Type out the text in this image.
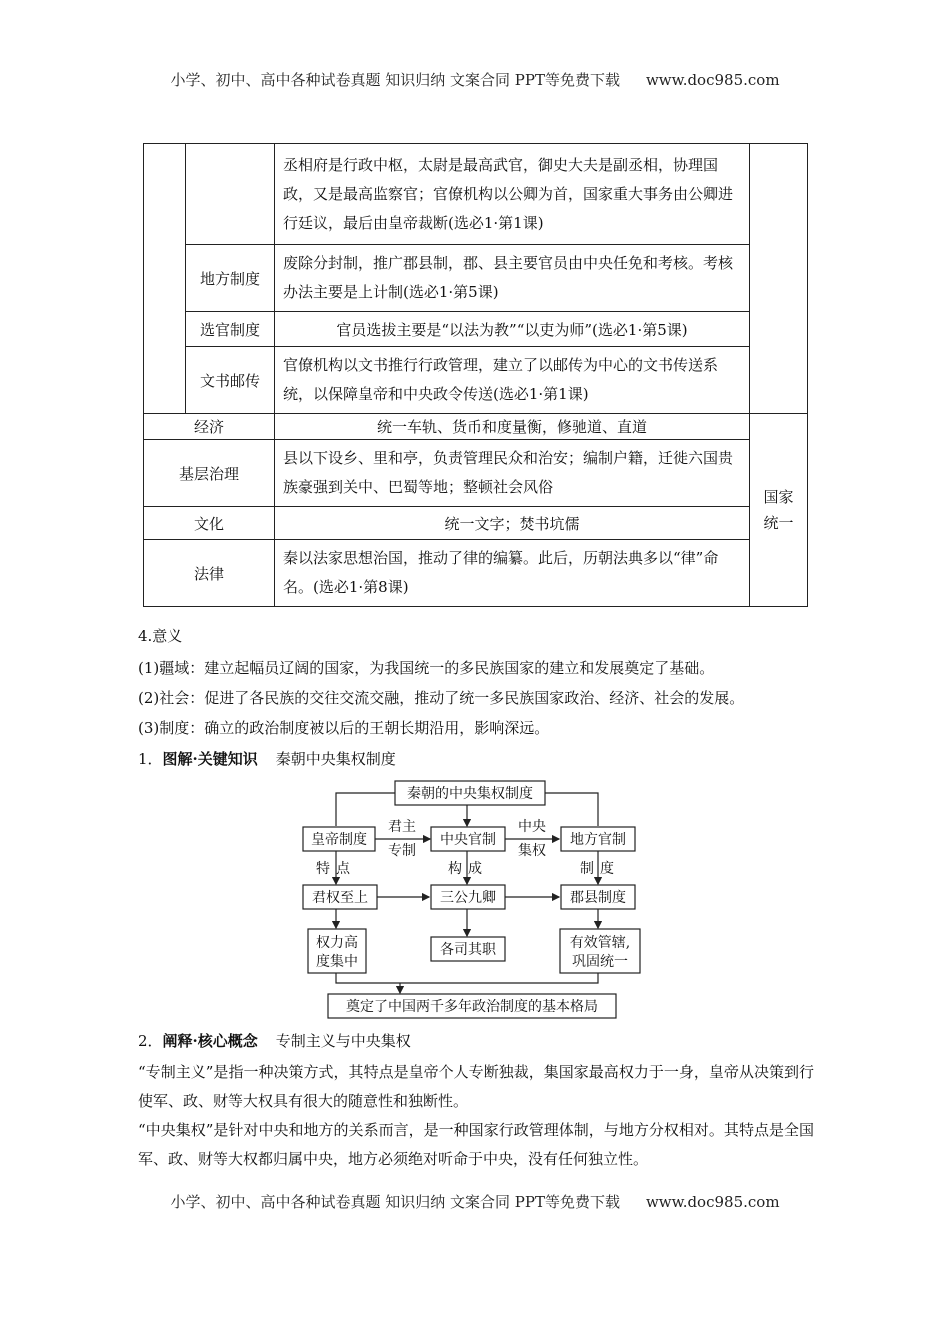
小学、初中、高中各种试卷真题 知识归纳 文案合同 PPT等免费下载 www.doc985.com
		丞相府是行政中枢，太尉是最高武官，御史大夫是副丞相，协理国政，又是最高监察官；官僚机构以公卿为首，国家重大事务由公卿进行廷议，最后由皇帝裁断(选必1·第1课)	
	地方制度	废除分封制，推广郡县制，郡、县主要官员由中央任免和考核。考核办法主要是上计制(选必1·第5课)	
	选官制度	官员选拔主要是“以法为教”“以吏为师”(选必1·第5课)	
	文书邮传	官僚机构以文书推行行政管理，建立了以邮传为中心的文书传送系统，以保障皇帝和中央政令传送(选必1·第1课)	
经济		统一车轨、货币和度量衡，修驰道、直道	国家统一
基层治理		县以下设乡、里和亭，负责管理民众和治安；编制户籍，迁徙六国贵族豪强到关中、巴蜀等地；整顿社会风俗	
文化		统一文字；焚书坑儒	
法律		秦以法家思想治国，推动了律的编纂。此后，历朝法典多以“律”命名。(选必1·第8课)	
4.意义
(1)疆域：建立起幅员辽阔的国家，为我国统一的多民族国家的建立和发展奠定了基础。
(2)社会：促进了各民族的交往交流交融，推动了统一多民族国家政治、经济、社会的发展。
(3)制度：确立的政治制度被以后的王朝长期沿用，影响深远。
1．图解·关键知识 秦朝中央集权制度
秦朝的中央集权制度
皇帝制度	中央官制	地方官制
君权至上	三公九卿	郡县制度
权力高
度集中
各司其职	有效管辖,
巩固统一
奠定了中国两千多年政治制度的基本格局
君主
专制
中央
集权
特点	构成	制度
2．阐释·核心概念 专制主义与中央集权
“专制主义”是指一种决策方式，其特点是皇帝个人专断独裁，集国家最高权力于一身，皇帝从决策到行使军、政、财等大权具有很大的随意性和独断性。
“中央集权”是针对中央和地方的关系而言，是一种国家行政管理体制，与地方分权相对。其特点是全国军、政、财等大权都归属中央，地方必须绝对听命于中央，没有任何独立性。
小学、初中、高中各种试卷真题 知识归纳 文案合同 PPT等免费下载 www.doc985.com
